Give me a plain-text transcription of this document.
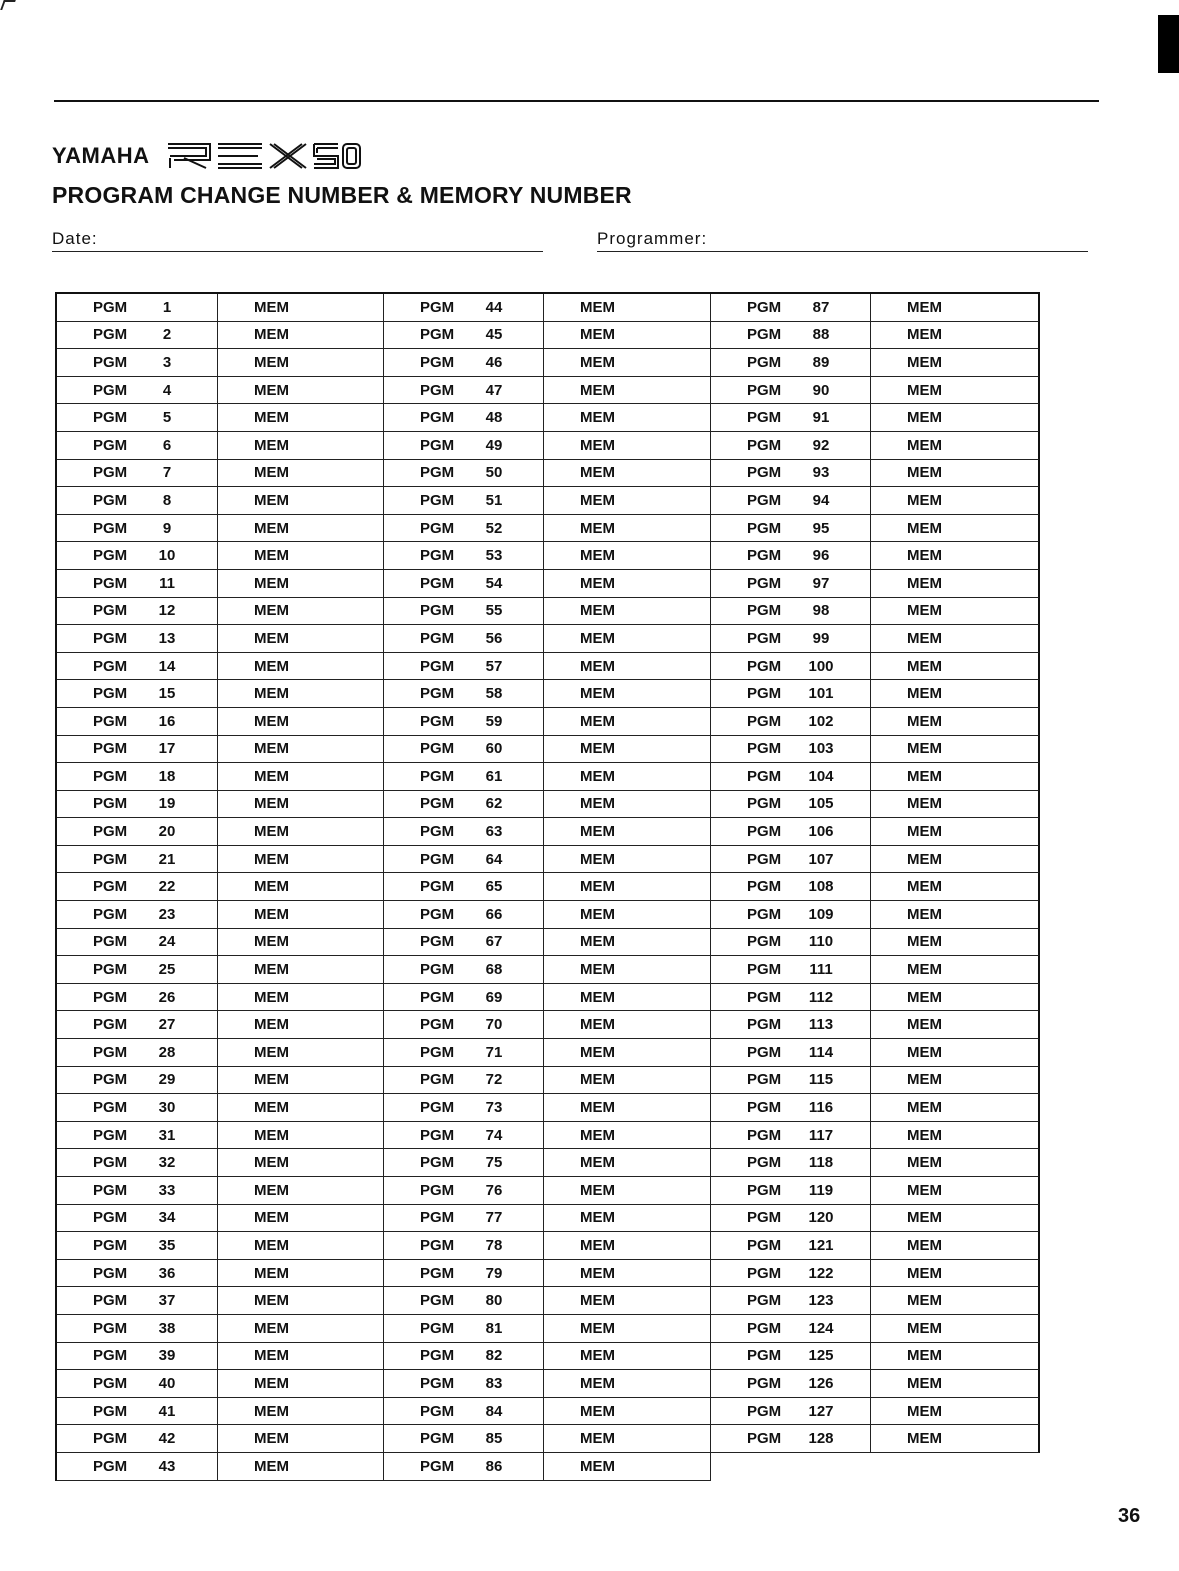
YAMAHA
PROGRAM CHANGE NUMBER & MEMORY NUMBER
Date:	Programmer:
PGM	1	MEM	PGM	44	MEM	PGM	87	MEM
PGM	2	MEM	PGM	45	MEM	PGM	88	MEM
PGM	3	MEM	PGM	46	MEM	PGM	89	MEM
PGM	4	MEM	PGM	47	MEM	PGM	90	MEM
PGM	5	MEM	PGM	48	MEM	PGM	91	MEM
PGM	6	MEM	PGM	49	MEM	PGM	92	MEM
PGM	7	MEM	PGM	50	MEM	PGM	93	MEM
PGM	8	MEM	PGM	51	MEM	PGM	94	MEM
PGM	9	MEM	PGM	52	MEM	PGM	95	MEM
PGM	10	MEM	PGM	53	MEM	PGM	96	MEM
PGM	11	MEM	PGM	54	MEM	PGM	97	MEM
PGM	12	MEM	PGM	55	MEM	PGM	98	MEM
PGM	13	MEM	PGM	56	MEM	PGM	99	MEM
PGM	14	MEM	PGM	57	MEM	PGM	100	MEM
PGM	15	MEM	PGM	58	MEM	PGM	101	MEM
PGM	16	MEM	PGM	59	MEM	PGM	102	MEM
PGM	17	MEM	PGM	60	MEM	PGM	103	MEM
PGM	18	MEM	PGM	61	MEM	PGM	104	MEM
PGM	19	MEM	PGM	62	MEM	PGM	105	MEM
PGM	20	MEM	PGM	63	MEM	PGM	106	MEM
PGM	21	MEM	PGM	64	MEM	PGM	107	MEM
PGM	22	MEM	PGM	65	MEM	PGM	108	MEM
PGM	23	MEM	PGM	66	MEM	PGM	109	MEM
PGM	24	MEM	PGM	67	MEM	PGM	110	MEM
PGM	25	MEM	PGM	68	MEM	PGM	111	MEM
PGM	26	MEM	PGM	69	MEM	PGM	112	MEM
PGM	27	MEM	PGM	70	MEM	PGM	113	MEM
PGM	28	MEM	PGM	71	MEM	PGM	114	MEM
PGM	29	MEM	PGM	72	MEM	PGM	115	MEM
PGM	30	MEM	PGM	73	MEM	PGM	116	MEM
PGM	31	MEM	PGM	74	MEM	PGM	117	MEM
PGM	32	MEM	PGM	75	MEM	PGM	118	MEM
PGM	33	MEM	PGM	76	MEM	PGM	119	MEM
PGM	34	MEM	PGM	77	MEM	PGM	120	MEM
PGM	35	MEM	PGM	78	MEM	PGM	121	MEM
PGM	36	MEM	PGM	79	MEM	PGM	122	MEM
PGM	37	MEM	PGM	80	MEM	PGM	123	MEM
PGM	38	MEM	PGM	81	MEM	PGM	124	MEM
PGM	39	MEM	PGM	82	MEM	PGM	125	MEM
PGM	40	MEM	PGM	83	MEM	PGM	126	MEM
PGM	41	MEM	PGM	84	MEM	PGM	127	MEM
PGM	42	MEM	PGM	85	MEM	PGM	128	MEM
PGM	43	MEM	PGM	86	MEM
36
